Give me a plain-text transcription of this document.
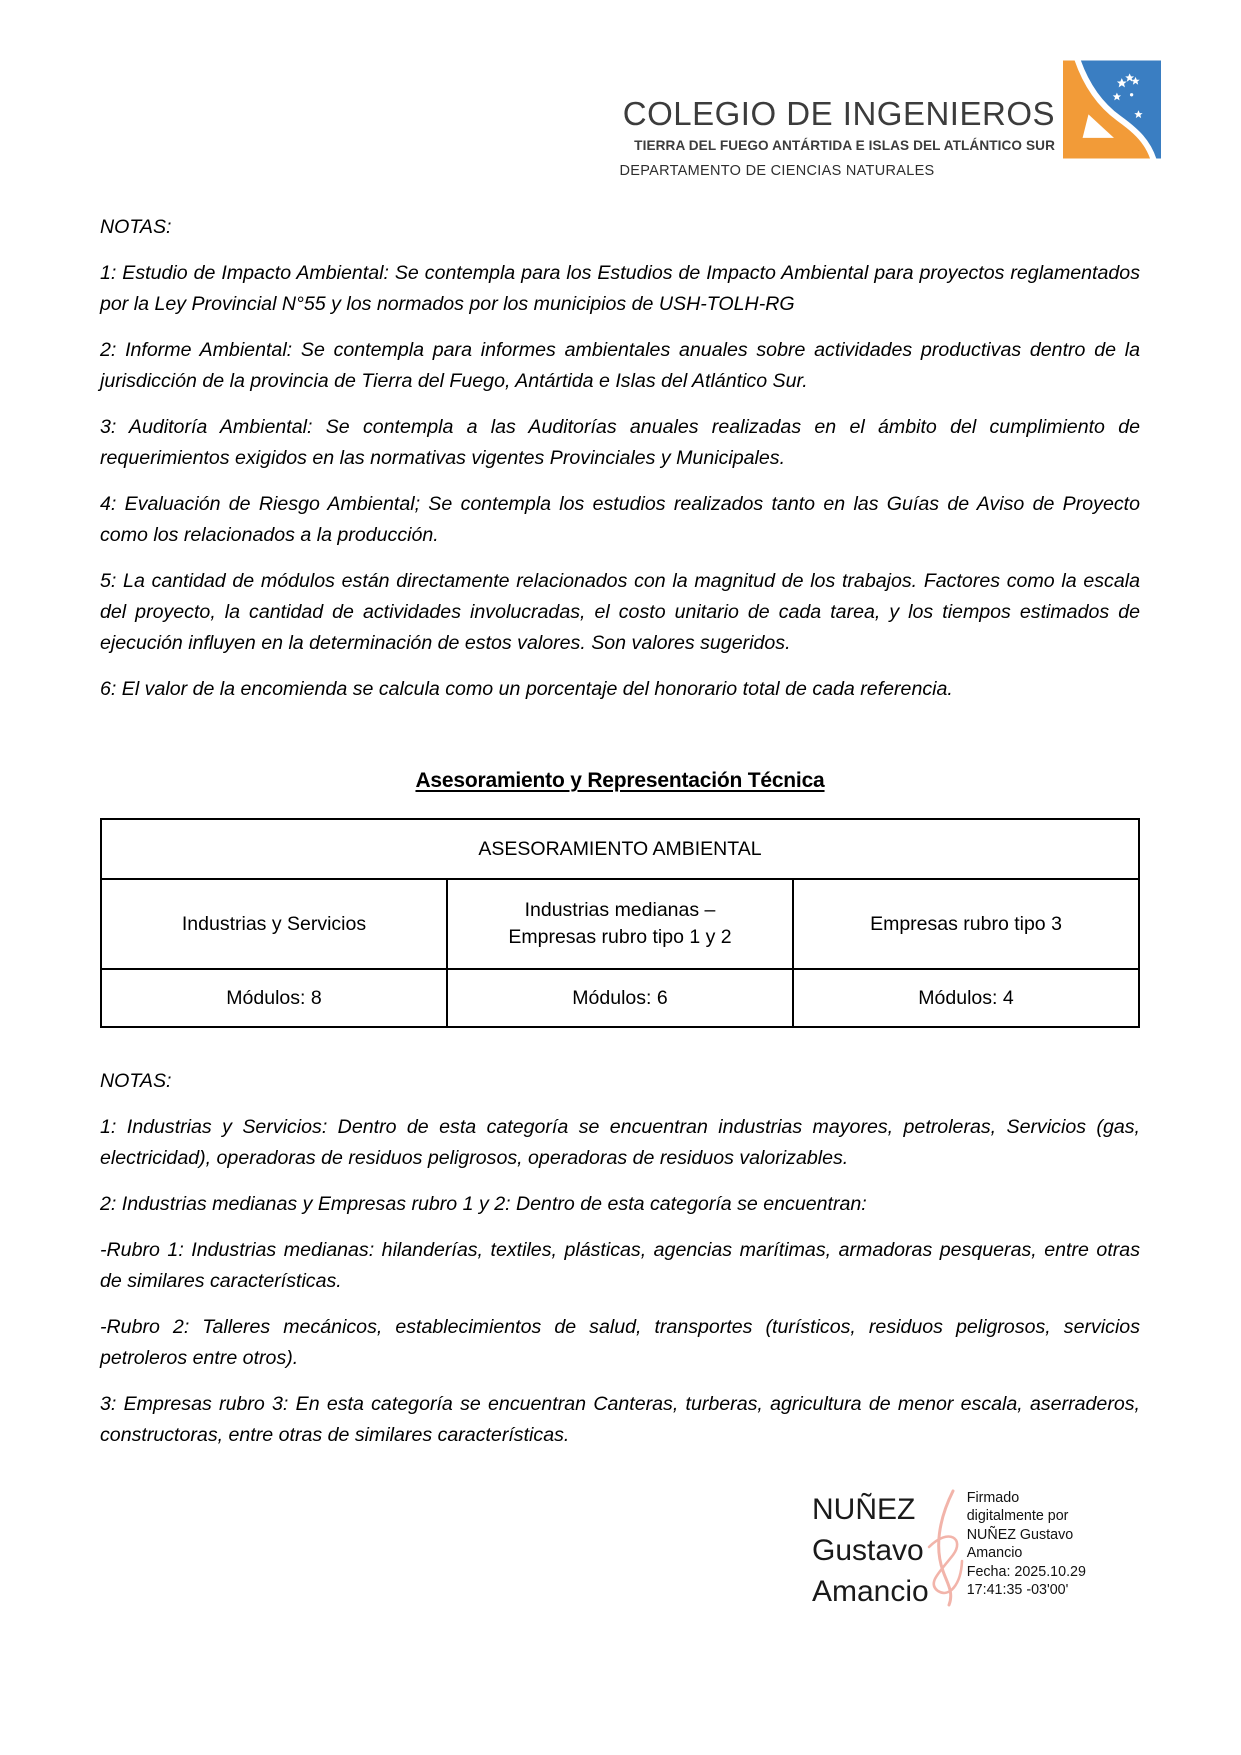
COLEGIO DE INGENIEROS
TIERRA DEL FUEGO ANTÁRTIDA E ISLAS DEL ATLÁNTICO SUR
DEPARTAMENTO DE CIENCIAS NATURALES
NOTAS:

1: Estudio de Impacto Ambiental: Se contempla para los Estudios de Impacto Ambiental para proyectos reglamentados por la Ley Provincial N°55 y los normados por los municipios de USH-TOLH-RG

2: Informe Ambiental: Se contempla para informes ambientales anuales sobre actividades productivas dentro de la jurisdicción de la provincia de Tierra del Fuego, Antártida e Islas del Atlántico Sur.

3: Auditoría Ambiental: Se contempla a las Auditorías anuales realizadas en el ámbito del cumplimiento de requerimientos exigidos en las normativas vigentes Provinciales y Municipales.

4: Evaluación de Riesgo Ambiental; Se contempla los estudios realizados tanto en las Guías de Aviso de Proyecto como los relacionados a la producción.

5: La cantidad de módulos están directamente relacionados con la magnitud de los trabajos. Factores como la escala del proyecto, la cantidad de actividades involucradas, el costo unitario de cada tarea, y los tiempos estimados de ejecución influyen en la determinación de estos valores. Son valores sugeridos.

6: El valor de la encomienda se calcula como un porcentaje del honorario total de cada referencia.

Asesoramiento y Representación Técnica
ASESORAMIENTO AMBIENTAL		
Industrias y Servicios	Industrias medianas – Empresas rubro tipo 1 y 2	Empresas rubro tipo 3
Módulos: 8	Módulos: 6	Módulos: 4
NOTAS:

1: Industrias y Servicios: Dentro de esta categoría se encuentran industrias mayores, petroleras, Servicios (gas, electricidad), operadoras de residuos peligrosos, operadoras de residuos valorizables.

2: Industrias medianas y Empresas rubro 1 y 2: Dentro de esta categoría se encuentran:

-Rubro 1: Industrias medianas: hilanderías, textiles, plásticas, agencias marítimas, armadoras pesqueras, entre otras de similares características.

-Rubro 2: Talleres mecánicos, establecimientos de salud, transportes (turísticos, residuos peligrosos, servicios petroleros entre otros).

3: Empresas rubro 3: En esta categoría se encuentran Canteras, turberas, agricultura de menor escala, aserraderos, constructoras, entre otras de similares características.

NUÑEZ
Gustavo
Amancio
Firmado
digitalmente por
NUÑEZ Gustavo
Amancio
Fecha: 2025.10.29
17:41:35 -03'00'
